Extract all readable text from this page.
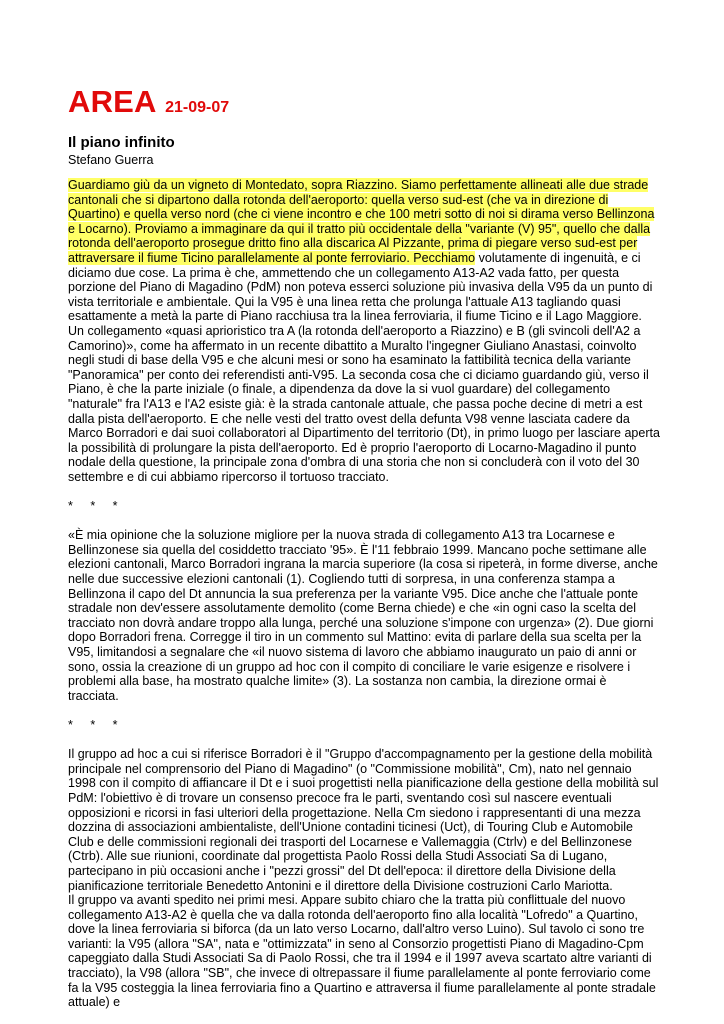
AREA 21-09-07
Il piano infinito
Stefano Guerra

Guardiamo giù da un vigneto di Montedato, sopra Riazzino. Siamo perfettamente allineati alle due strade cantonali che si dipartono dalla rotonda dell'aeroporto: quella verso sud-est (che va in direzione di Quartino) e quella verso nord (che ci viene incontro e che 100 metri sotto di noi si dirama verso Bellinzona e Locarno). Proviamo a immaginare da qui il tratto più occidentale della "variante (V) 95", quello che dalla rotonda dell'aeroporto prosegue dritto fino alla discarica Al Pizzante, prima di piegare verso sud-est per attraversare il fiume Ticino parallelamente al ponte ferroviario. Pecchiamo volutamente di ingenuità, e ci diciamo due cose. La prima è che, ammettendo che un collegamento A13-A2 vada fatto, per questa porzione del Piano di Magadino (PdM) non poteva esserci soluzione più invasiva della V95 da un punto di vista territoriale e ambientale. Qui la V95 è una linea retta che prolunga l'attuale A13 tagliando quasi esattamente a metà la parte di Piano racchiusa tra la linea ferroviaria, il fiume Ticino e il Lago Maggiore. Un collegamento «quasi aprioristico tra A (la rotonda dell'aeroporto a Riazzino) e B (gli svincoli dell'A2 a Camorino)», come ha affermato in un recente dibattito a Muralto l'ingegner Giuliano Anastasi, coinvolto negli studi di base della V95 e che alcuni mesi or sono ha esaminato la fattibilità tecnica della variante "Panoramica" per conto dei referendisti anti-V95. La seconda cosa che ci diciamo guardando giù, verso il Piano, è che la parte iniziale (o finale, a dipendenza da dove la si vuol guardare) del collegamento "naturale" fra l'A13 e l'A2 esiste già: è la strada cantonale attuale, che passa poche decine di metri a est dalla pista dell'aeroporto. E che nelle vesti del tratto ovest della defunta V98 venne lasciata cadere da Marco Borradori e dai suoi collaboratori al Dipartimento del territorio (Dt), in primo luogo per lasciare aperta la possibilità di prolungare la pista dell'aeroporto. Ed è proprio l'aeroporto di Locarno-Magadino il punto nodale della questione, la principale zona d'ombra di una storia che non si concluderà con il voto del 30 settembre e di cui abbiamo ripercorso il tortuoso tracciato.

* * *

«È mia opinione che la soluzione migliore per la nuova strada di collegamento A13 tra Locarnese e Bellinzonese sia quella del cosiddetto tracciato '95». È l'11 febbraio 1999. Mancano poche settimane alle elezioni cantonali, Marco Borradori ingrana la marcia superiore (la cosa si ripeterà, in forme diverse, anche nelle due successive elezioni cantonali (1). Cogliendo tutti di sorpresa, in una conferenza stampa a Bellinzona il capo del Dt annuncia la sua preferenza per la variante V95. Dice anche che l'attuale ponte stradale non dev'essere assolutamente demolito (come Berna chiede) e che «in ogni caso la scelta del tracciato non dovrà andare troppo alla lunga, perché una soluzione s'impone con urgenza» (2). Due giorni dopo Borradori frena. Corregge il tiro in un commento sul Mattino: evita di parlare della sua scelta per la V95, limitandosi a segnalare che «il nuovo sistema di lavoro che abbiamo inaugurato un paio di anni or sono, ossia la creazione di un gruppo ad hoc con il compito di conciliare le varie esigenze e risolvere i problemi alla base, ha mostrato qualche limite» (3). La sostanza non cambia, la direzione ormai è tracciata.

* * *

Il gruppo ad hoc a cui si riferisce Borradori è il "Gruppo d'accompagnamento per la gestione della mobilità principale nel comprensorio del Piano di Magadino" (o "Commissione mobilità", Cm), nato nel gennaio 1998 con il compito di affiancare il Dt e i suoi progettisti nella pianificazione della gestione della mobilità sul PdM: l'obiettivo è di trovare un consenso precoce fra le parti, sventando così sul nascere eventuali opposizioni e ricorsi in fasi ulteriori della progettazione. Nella Cm siedono i rappresentanti di una mezza dozzina di associazioni ambientaliste, dell'Unione contadini ticinesi (Uct), di Touring Club e Automobile Club e delle commissioni regionali dei trasporti del Locarnese e Vallemaggia (Ctrlv) e del Bellinzonese (Ctrb). Alle sue riunioni, coordinate dal progettista Paolo Rossi della Studi Associati Sa di Lugano, partecipano in più occasioni anche i "pezzi grossi" del Dt dell'epoca: il direttore della Divisione della pianificazione territoriale Benedetto Antonini e il direttore della Divisione costruzioni Carlo Mariotta.

Il gruppo va avanti spedito nei primi mesi. Appare subito chiaro che la tratta più conflittuale del nuovo collegamento A13-A2 è quella che va dalla rotonda dell'aeroporto fino alla località "Lofredo" a Quartino, dove la linea ferroviaria si biforca (da un lato verso Locarno, dall'altro verso Luino). Sul tavolo ci sono tre varianti: la V95 (allora "SA", nata e "ottimizzata" in seno al Consorzio progettisti Piano di Magadino-Cpm capeggiato dalla Studi Associati Sa di Paolo Rossi, che tra il 1994 e il 1997 aveva scartato altre varianti di tracciato), la V98 (allora "SB", che invece di oltrepassare il fiume parallelamente al ponte ferroviario come fa la V95 costeggia la linea ferroviaria fino a Quartino e attraversa il fiume parallelamente al ponte stradale attuale) e
